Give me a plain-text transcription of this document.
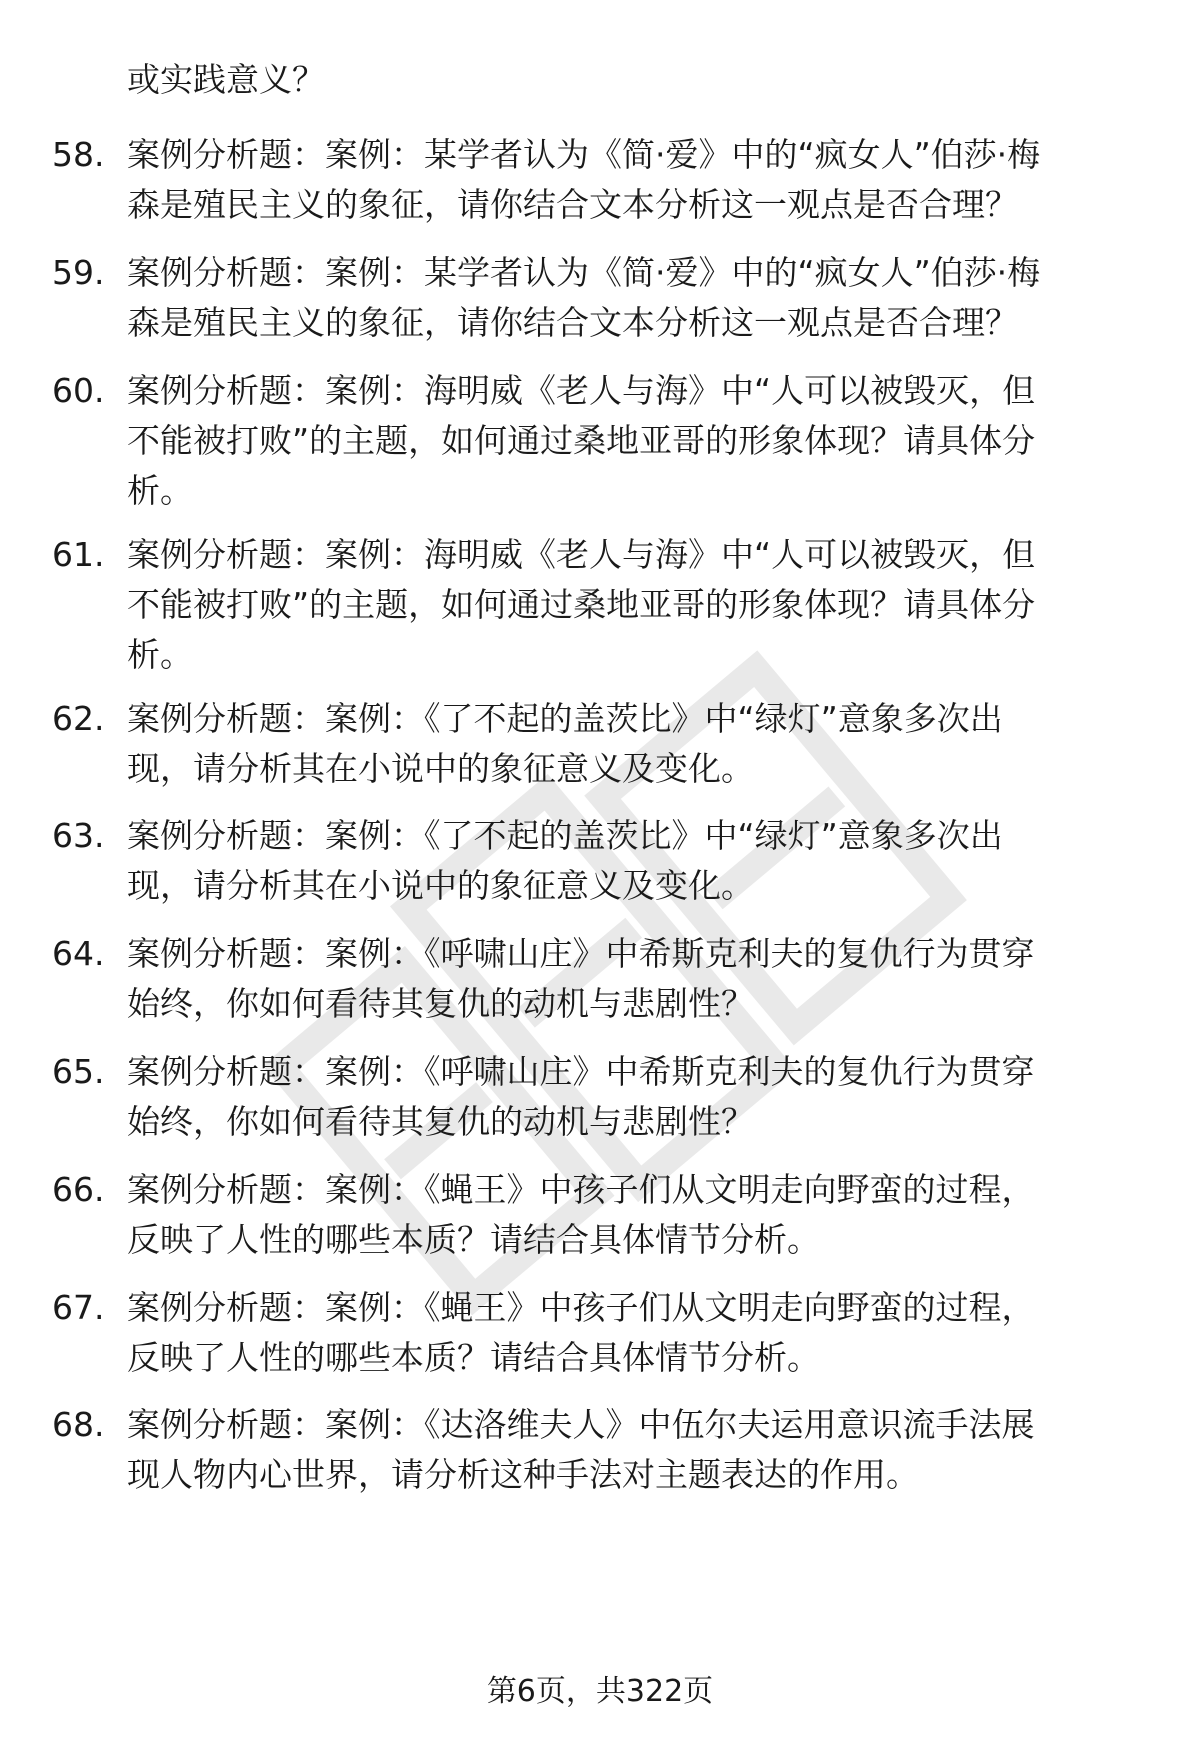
或实践意义？
58. 案例分析题：案例：某学者认为《简·爱》中的“疯女人”伯莎·梅
森是殖民主义的象征，请你结合文本分析这一观点是否合理？
59. 案例分析题：案例：某学者认为《简·爱》中的“疯女人”伯莎·梅
森是殖民主义的象征，请你结合文本分析这一观点是否合理？
60. 案例分析题：案例：海明威《老人与海》中“人可以被毁灭，但
不能被打败”的主题，如何通过桑地亚哥的形象体现？请具体分
析。
61. 案例分析题：案例：海明威《老人与海》中“人可以被毁灭，但
不能被打败”的主题，如何通过桑地亚哥的形象体现？请具体分
析。
62. 案例分析题：案例：《了不起的盖茨比》中“绿灯”意象多次出
现，请分析其在小说中的象征意义及变化。
63. 案例分析题：案例：《了不起的盖茨比》中“绿灯”意象多次出
现，请分析其在小说中的象征意义及变化。
64. 案例分析题：案例：《呼啸山庄》中希斯克利夫的复仇行为贯穿
始终，你如何看待其复仇的动机与悲剧性？
65. 案例分析题：案例：《呼啸山庄》中希斯克利夫的复仇行为贯穿
始终，你如何看待其复仇的动机与悲剧性？
66. 案例分析题：案例：《蝇王》中孩子们从文明走向野蛮的过程，
反映了人性的哪些本质？请结合具体情节分析。
67. 案例分析题：案例：《蝇王》中孩子们从文明走向野蛮的过程，
反映了人性的哪些本质？请结合具体情节分析。
68. 案例分析题：案例：《达洛维夫人》中伍尔夫运用意识流手法展
现人物内心世界，请分析这种手法对主题表达的作用。
第6页，共322页
